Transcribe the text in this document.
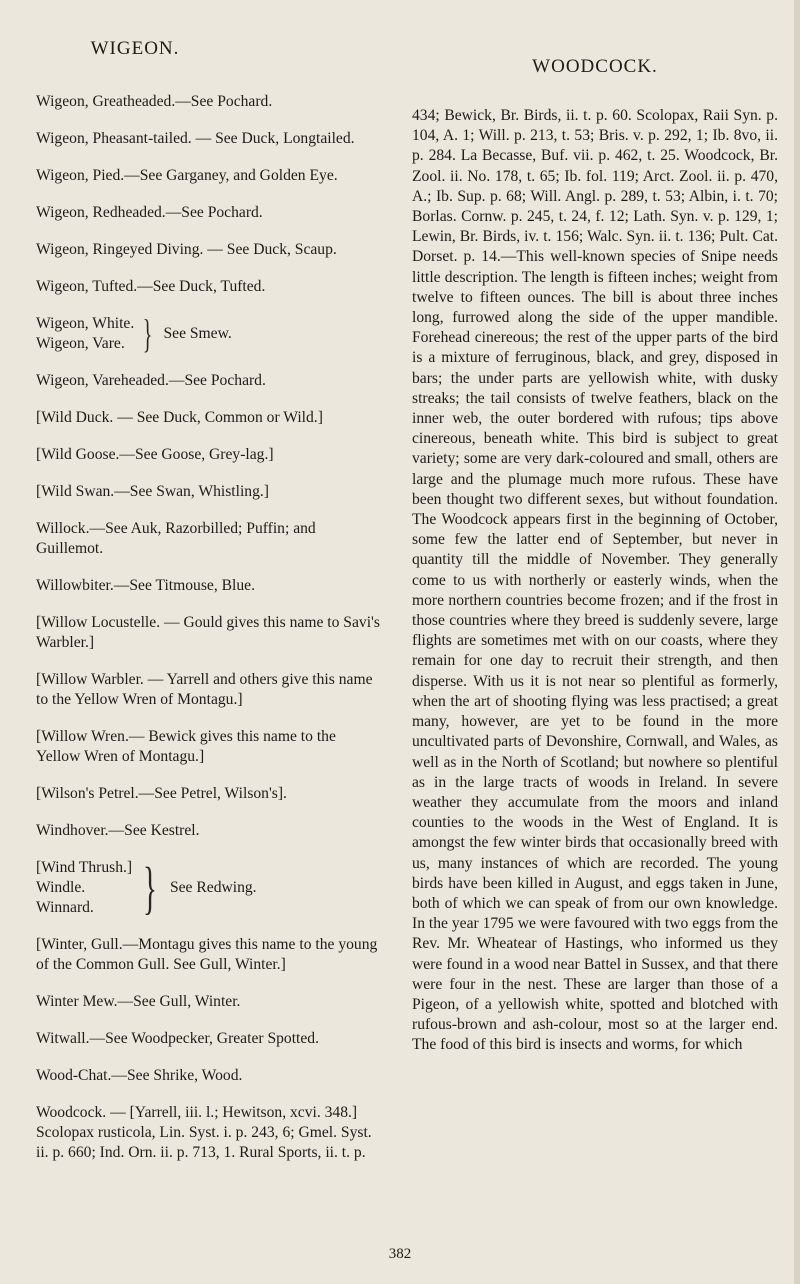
WIGEON.
WOODCOCK.

Wigeon, Greatheaded.—See Pochard.

Wigeon, Pheasant-tailed. — See Duck, Longtailed.

Wigeon, Pied.—See Garganey, and Golden Eye.

Wigeon, Redheaded.—See Pochard.

Wigeon, Ringeyed Diving. — See Duck, Scaup.

Wigeon, Tufted.—See Duck, Tufted.

Wigeon, White.
Wigeon, Vare. } See Smew.

Wigeon, Vareheaded.—See Pochard.

[Wild Duck. — See Duck, Common or Wild.]

[Wild Goose.—See Goose, Grey-lag.]

[Wild Swan.—See Swan, Whistling.]

Willock.—See Auk, Razorbilled; Puffin; and Guillemot.

Willowbiter.—See Titmouse, Blue.

[Willow Locustelle. — Gould gives this name to Savi's Warbler.]

[Willow Warbler. — Yarrell and others give this name to the Yellow Wren of Montagu.]

[Willow Wren.— Bewick gives this name to the Yellow Wren of Montagu.]

[Wilson's Petrel.—See Petrel, Wilson's].

Windhover.—See Kestrel.

[Wind Thrush.]
Windle.
Winnard. } See Redwing.

[Winter, Gull.—Montagu gives this name to the young of the Common Gull. See Gull, Winter.]

Winter Mew.—See Gull, Winter.

Witwall.—See Woodpecker, Greater Spotted.

Wood-Chat.—See Shrike, Wood.

Woodcock. — [Yarrell, iii. l.; Hewitson, xcvi. 348.] Scolopax rusticola, Lin. Syst. i. p. 243, 6; Gmel. Syst. ii. p. 660; Ind. Orn. ii. p. 713, 1. Rural Sports, ii. t. p.

434; Bewick, Br. Birds, ii. t. p. 60. Scolopax, Raii Syn. p. 104, A. 1; Will. p. 213, t. 53; Bris. v. p. 292, 1; Ib. 8vo, ii. p. 284. La Becasse, Buf. vii. p. 462, t. 25. Woodcock, Br. Zool. ii. No. 178, t. 65; Ib. fol. 119; Arct. Zool. ii. p. 470, A.; Ib. Sup. p. 68; Will. Angl. p. 289, t. 53; Albin, i. t. 70; Borlas. Cornw. p. 245, t. 24, f. 12; Lath. Syn. v. p. 129, 1; Lewin, Br. Birds, iv. t. 156; Walc. Syn. ii. t. 136; Pult. Cat. Dorset. p. 14.—This well-known species of Snipe needs little description. The length is fifteen inches; weight from twelve to fifteen ounces. The bill is about three inches long, furrowed along the side of the upper mandible. Forehead cinereous; the rest of the upper parts of the bird is a mixture of ferruginous, black, and grey, disposed in bars; the under parts are yellowish white, with dusky streaks; the tail consists of twelve feathers, black on the inner web, the outer bordered with rufous; tips above cinereous, beneath white. This bird is subject to great variety; some are very dark-coloured and small, others are large and the plumage much more rufous. These have been thought two different sexes, but without foundation. The Woodcock appears first in the beginning of October, some few the latter end of September, but never in quantity till the middle of November. They generally come to us with northerly or easterly winds, when the more northern countries become frozen; and if the frost in those countries where they breed is suddenly severe, large flights are sometimes met with on our coasts, where they remain for one day to recruit their strength, and then disperse. With us it is not near so plentiful as formerly, when the art of shooting flying was less practised; a great many, however, are yet to be found in the more uncultivated parts of Devonshire, Cornwall, and Wales, as well as in the North of Scotland; but nowhere so plentiful as in the large tracts of woods in Ireland. In severe weather they accumulate from the moors and inland counties to the woods in the West of England. It is amongst the few winter birds that occasionally breed with us, many instances of which are recorded. The young birds have been killed in August, and eggs taken in June, both of which we can speak of from our own knowledge. In the year 1795 we were favoured with two eggs from the Rev. Mr. Wheatear of Hastings, who informed us they were found in a wood near Battel in Sussex, and that there were four in the nest. These are larger than those of a Pigeon, of a yellowish white, spotted and blotched with rufous-brown and ash-colour, most so at the larger end. The food of this bird is insects and worms, for which

382
